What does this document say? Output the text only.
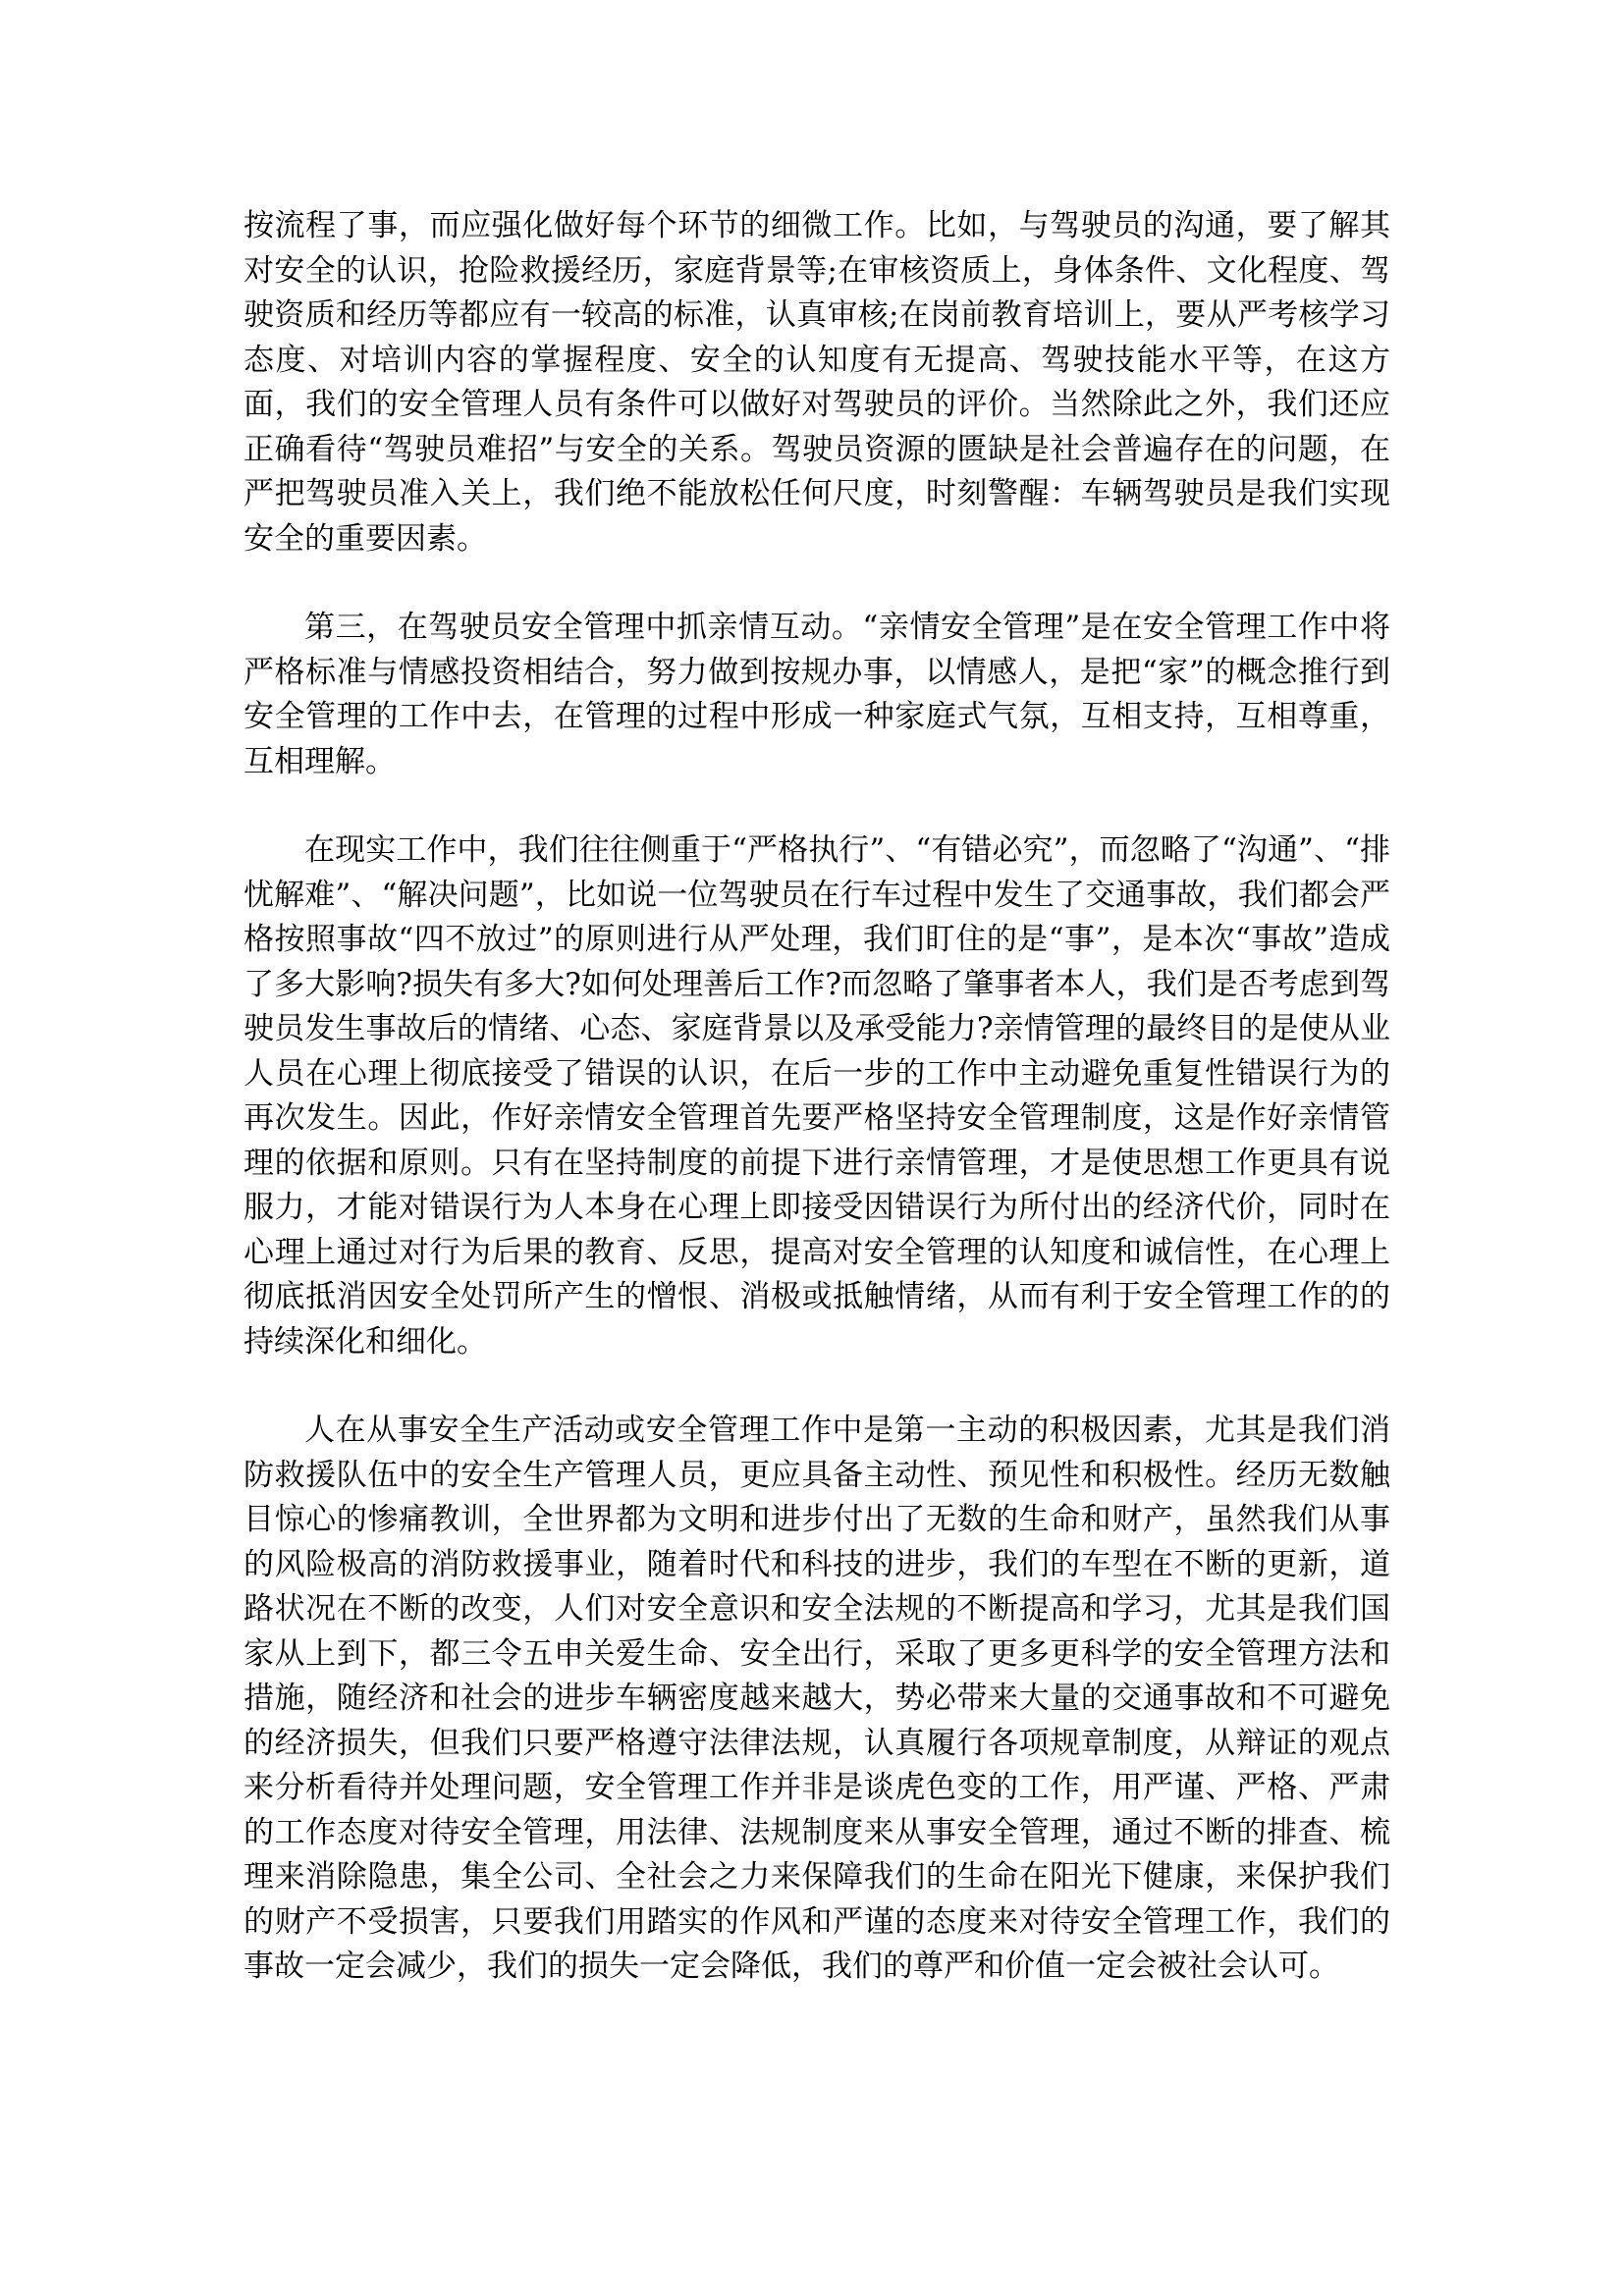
按流程了事，而应强化做好每个环节的细微工作。比如，与驾驶员的沟通，要了解其对安全的认识，抢险救援经历，家庭背景等;在审核资质上，身体条件、文化程度、驾驶资质和经历等都应有一较高的标准，认真审核;在岗前教育培训上，要从严考核学习态度、对培训内容的掌握程度、安全的认知度有无提高、驾驶技能水平等，在这方面，我们的安全管理人员有条件可以做好对驾驶员的评价。当然除此之外，我们还应正确看待“驾驶员难招”与安全的关系。驾驶员资源的匮缺是社会普遍存在的问题，在严把驾驶员准入关上，我们绝不能放松任何尺度，时刻警醒：车辆驾驶员是我们实现安全的重要因素。

第三，在驾驶员安全管理中抓亲情互动。“亲情安全管理”是在安全管理工作中将严格标准与情感投资相结合，努力做到按规办事，以情感人，是把“家”的概念推行到安全管理的工作中去，在管理的过程中形成一种家庭式气氛，互相支持，互相尊重，互相理解。

在现实工作中，我们往往侧重于“严格执行”、“有错必究”，而忽略了“沟通”、“排忧解难”、“解决问题”，比如说一位驾驶员在行车过程中发生了交通事故，我们都会严格按照事故“四不放过”的原则进行从严处理，我们盯住的是“事”，是本次“事故”造成了多大影响?损失有多大?如何处理善后工作?而忽略了肇事者本人，我们是否考虑到驾驶员发生事故后的情绪、心态、家庭背景以及承受能力?亲情管理的最终目的是使从业人员在心理上彻底接受了错误的认识，在后一步的工作中主动避免重复性错误行为的再次发生。因此，作好亲情安全管理首先要严格坚持安全管理制度，这是作好亲情管理的依据和原则。只有在坚持制度的前提下进行亲情管理，才是使思想工作更具有说服力，才能对错误行为人本身在心理上即接受因错误行为所付出的经济代价，同时在心理上通过对行为后果的教育、反思，提高对安全管理的认知度和诚信性，在心理上彻底抵消因安全处罚所产生的憎恨、消极或抵触情绪，从而有利于安全管理工作的的持续深化和细化。

人在从事安全生产活动或安全管理工作中是第一主动的积极因素，尤其是我们消防救援队伍中的安全生产管理人员，更应具备主动性、预见性和积极性。经历无数触目惊心的惨痛教训，全世界都为文明和进步付出了无数的生命和财产，虽然我们从事的风险极高的消防救援事业，随着时代和科技的进步，我们的车型在不断的更新，道路状况在不断的改变，人们对安全意识和安全法规的不断提高和学习，尤其是我们国家从上到下，都三令五申关爱生命、安全出行，采取了更多更科学的安全管理方法和措施，随经济和社会的进步车辆密度越来越大，势必带来大量的交通事故和不可避免的经济损失，但我们只要严格遵守法律法规，认真履行各项规章制度，从辩证的观点来分析看待并处理问题，安全管理工作并非是谈虎色变的工作，用严谨、严格、严肃的工作态度对待安全管理，用法律、法规制度来从事安全管理，通过不断的排查、梳理来消除隐患，集全公司、全社会之力来保障我们的生命在阳光下健康，来保护我们的财产不受损害，只要我们用踏实的作风和严谨的态度来对待安全管理工作，我们的事故一定会减少，我们的损失一定会降低，我们的尊严和价值一定会被社会认可。
